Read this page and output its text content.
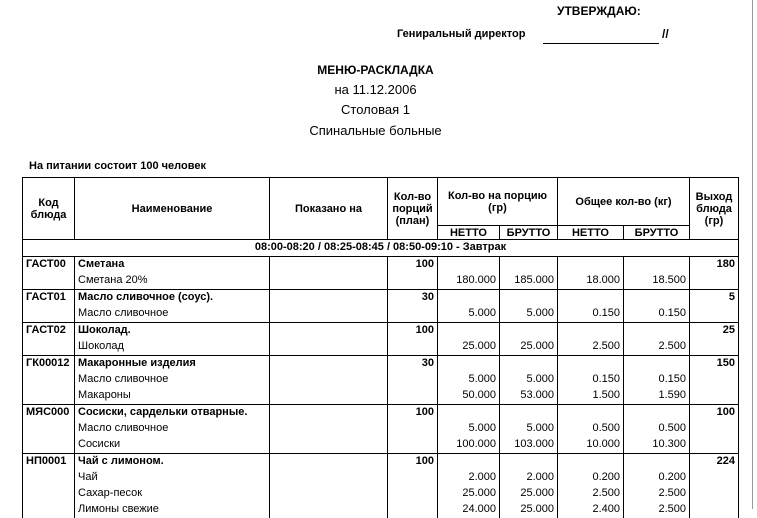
УТВЕРЖДАЮ:
Гениральный директор	//
МЕНЮ-РАСКЛАДКА
на 11.12.2006
Столовая 1
Спинальные больные
На питании состоит 100 человек
Код блюда	Наименование	Показано на	Кол-во порций (план)	Кол-во на порцию (гр)		Общее кол-во (кг)		Выход блюда (гр)
				НЕТТО	БРУТТО	НЕТТО	БРУТТО	
08:00-08:20 / 08:25-08:45 / 08:50-09:10 - Завтрак								
ГАСТ00	Сметана		100					180
	Сметана 20%			180.000	185.000	18.000	18.500	
ГАСТ01	Масло сливочное (соус).		30					5
	Масло сливочное			5.000	5.000	0.150	0.150	
ГАСТ02	Шоколад.		100					25
	Шоколад			25.000	25.000	2.500	2.500	
ГК00012	Макаронные изделия		30					150
	Масло сливочное			5.000	5.000	0.150	0.150	
	Макароны			50.000	53.000	1.500	1.590	
МЯС000	Сосиски, сардельки отварные.		100					100
	Масло сливочное			5.000	5.000	0.500	0.500	
	Сосиски			100.000	103.000	10.000	10.300	
НП0001	Чай с лимоном.		100					224
	Чай			2.000	2.000	0.200	0.200	
	Сахар-песок			25.000	25.000	2.500	2.500	
	Лимоны свежие			24.000	25.000	2.400	2.500	
